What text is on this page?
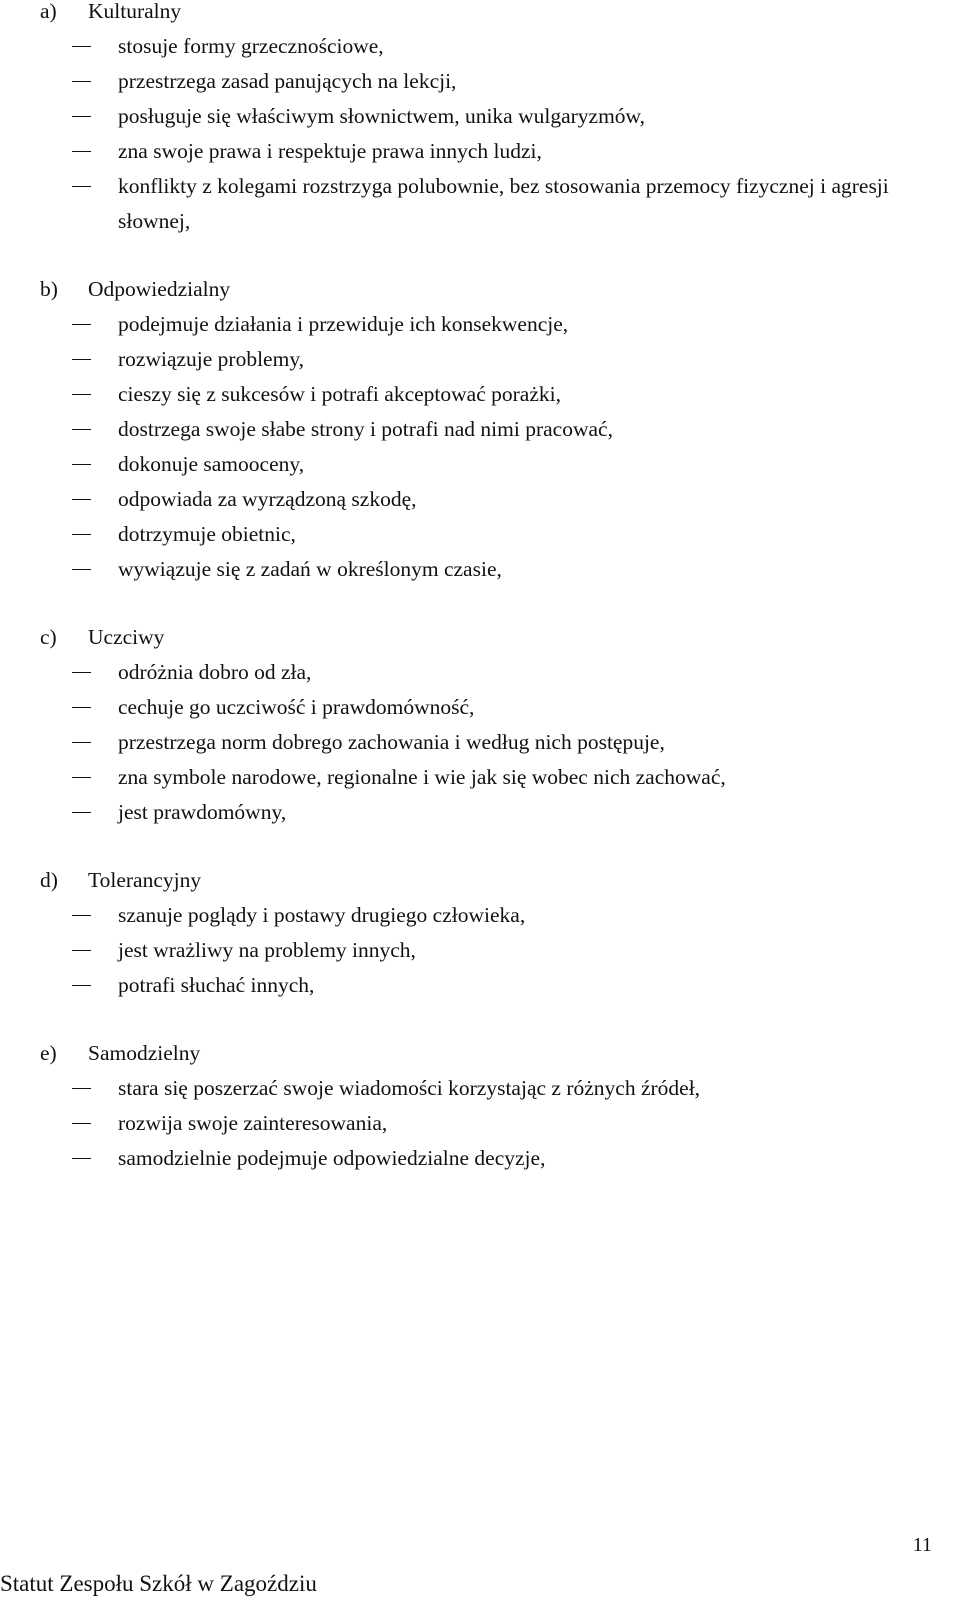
a)	Kulturalny
stosuje formy grzecznościowe,
przestrzega zasad panujących na lekcji,
posługuje się właściwym słownictwem, unika wulgaryzmów,
zna swoje prawa i respektuje prawa innych ludzi,
konflikty z kolegami rozstrzyga polubownie, bez stosowania przemocy fizycznej i agresji słownej,
b)	Odpowiedzialny
podejmuje działania i przewiduje ich konsekwencje,
rozwiązuje problemy,
cieszy się z sukcesów i potrafi akceptować porażki,
dostrzega swoje słabe strony i potrafi nad nimi pracować,
dokonuje samooceny,
odpowiada za wyrządzoną szkodę,
dotrzymuje obietnic,
wywiązuje się z zadań w określonym czasie,
c)	Uczciwy
odróżnia dobro od zła,
cechuje go uczciwość i prawdomówność,
przestrzega norm dobrego zachowania i według nich postępuje,
zna symbole narodowe, regionalne i wie jak się wobec nich zachować,
jest prawdomówny,
d)	Tolerancyjny
szanuje poglądy i postawy drugiego człowieka,
jest wrażliwy na problemy innych,
potrafi słuchać innych,
e)	Samodzielny
stara się poszerzać swoje wiadomości korzystając z różnych źródeł,
rozwija swoje zainteresowania,
samodzielnie podejmuje odpowiedzialne decyzje,
Statut Zespołu Szkół w Zagoździu
11
